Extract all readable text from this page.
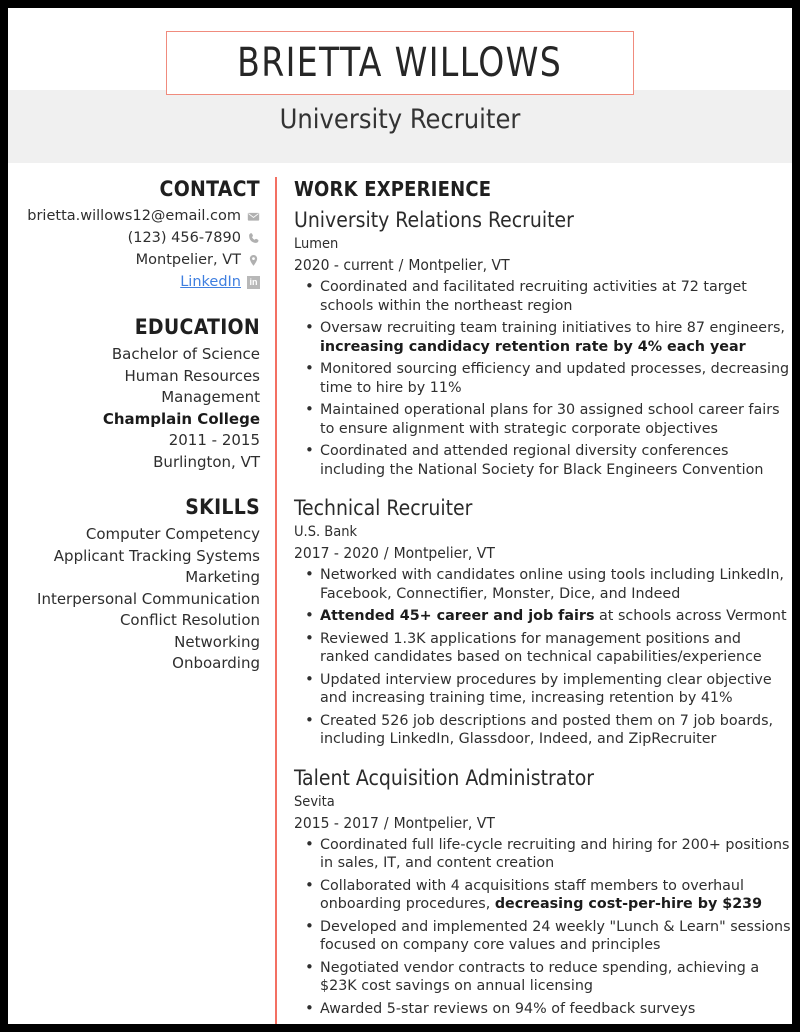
BRIETTA WILLOWS
University Recruiter
CONTACT
brietta.willows12@email.com
(123) 456-7890
Montpelier, VT
LinkedIn in
EDUCATION
Bachelor of Science
Human Resources
Management
Champlain College
2011 - 2015
Burlington, VT
SKILLS
Computer Competency
Applicant Tracking Systems
Marketing
Interpersonal Communication
Conflict Resolution
Networking
Onboarding
WORK EXPERIENCE
University Relations Recruiter
Lumen
2020 - current / Montpelier, VT
• Coordinated and facilitated recruiting activities at 72 target schools within the northeast region
• Oversaw recruiting team training initiatives to hire 87 engineers, increasing candidacy retention rate by 4% each year
• Monitored sourcing efficiency and updated processes, decreasing time to hire by 11%
• Maintained operational plans for 30 assigned school career fairs to ensure alignment with strategic corporate objectives
• Coordinated and attended regional diversity conferences including the National Society for Black Engineers Convention
Technical Recruiter
U.S. Bank
2017 - 2020 / Montpelier, VT
• Networked with candidates online using tools including LinkedIn, Facebook, Connectifier, Monster, Dice, and Indeed
• Attended 45+ career and job fairs at schools across Vermont
• Reviewed 1.3K applications for management positions and ranked candidates based on technical capabilities/experience
• Updated interview procedures by implementing clear objective and increasing training time, increasing retention by 41%
• Created 526 job descriptions and posted them on 7 job boards, including LinkedIn, Glassdoor, Indeed, and ZipRecruiter
Talent Acquisition Administrator
Sevita
2015 - 2017 / Montpelier, VT
• Coordinated full life-cycle recruiting and hiring for 200+ positions in sales, IT, and content creation
• Collaborated with 4 acquisitions staff members to overhaul onboarding procedures, decreasing cost-per-hire by $239
• Developed and implemented 24 weekly "Lunch & Learn" sessions focused on company core values and principles
• Negotiated vendor contracts to reduce spending, achieving a $23K cost savings on annual licensing
• Awarded 5-star reviews on 94% of feedback surveys
